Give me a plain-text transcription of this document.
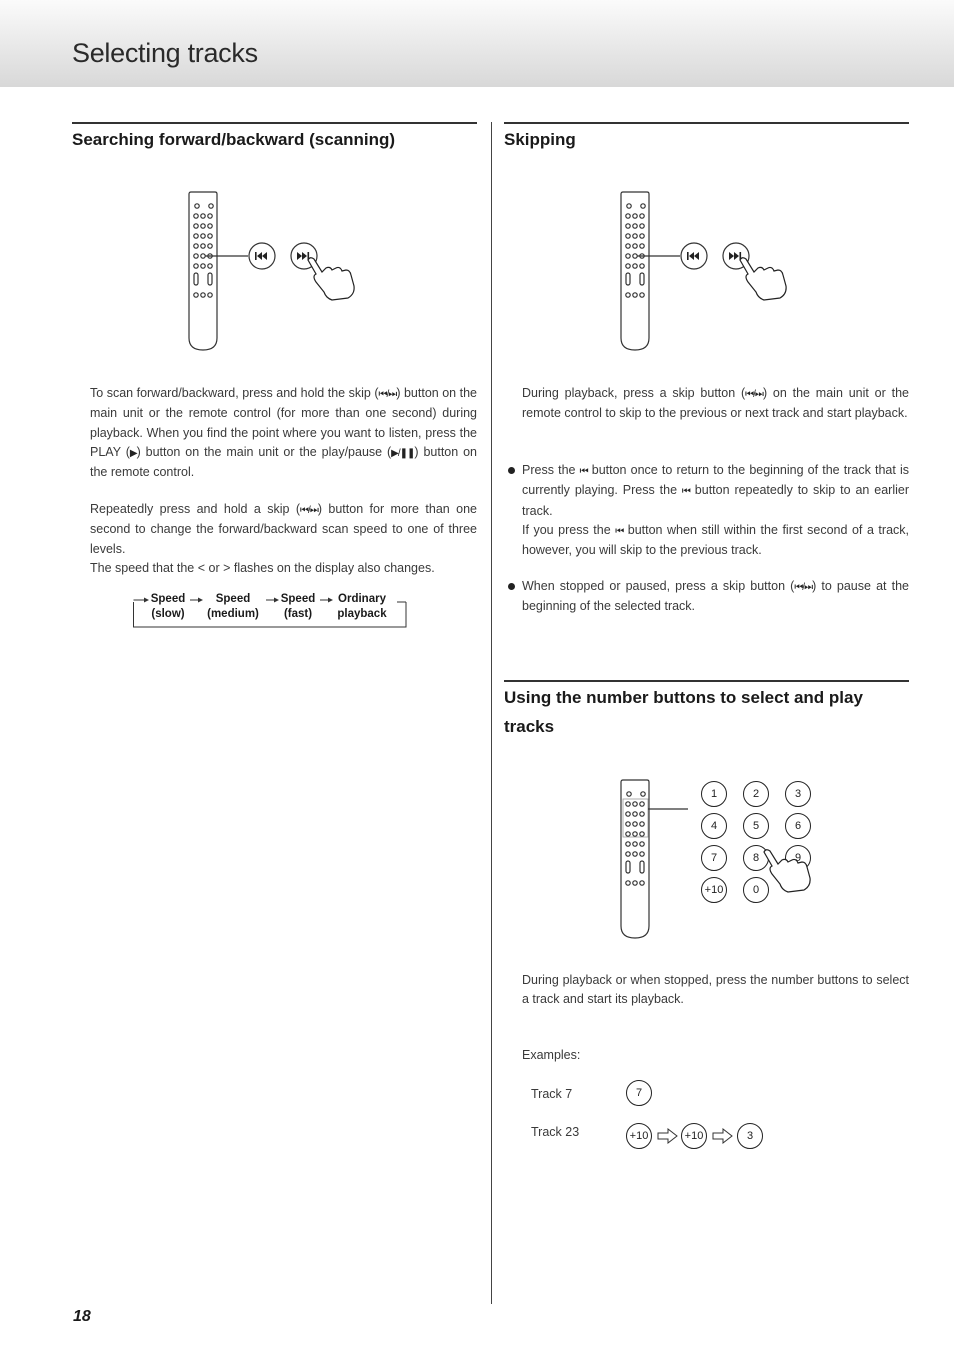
Selecting tracks
Searching forward/backward (scanning)

To scan forward/backward, press and hold the skip (⏮/⏭) button on the main unit or the remote control (for more than one second) during playback. When you find the point where you want to listen, press the PLAY (▶) button on the main unit or the play/pause (▶/❚❚) button on the remote control.

Repeatedly press and hold a skip (⏮/⏭) button for more than one second to change the forward/backward scan speed to one of three levels.

The speed that the < or > flashes on the display also changes.

Speed
(slow)
Speed
(medium)
Speed
(fast)
Ordinary
playback
Skipping

During playback, press a skip button (⏮/⏭) on the main unit or the remote control to skip to the previous or next track and start playback.

Press the ⏮ button once to return to the beginning of the track that is currently playing. Press the ⏮ button repeatedly to skip to an earlier track.

If you press the ⏮ button when still within the first second of a track, however, you will skip to the previous track.

When stopped or paused, press a skip button (⏮/⏭) to pause at the beginning of the selected track.

Using the number buttons to select and play
tracks
1	2	3
4	5	6
7	8	9
+10	0
During playback or when stopped, press the number buttons to select a track and start its playback.
Examples:
Track 7
Track 23
7
+10	+10	3
18
